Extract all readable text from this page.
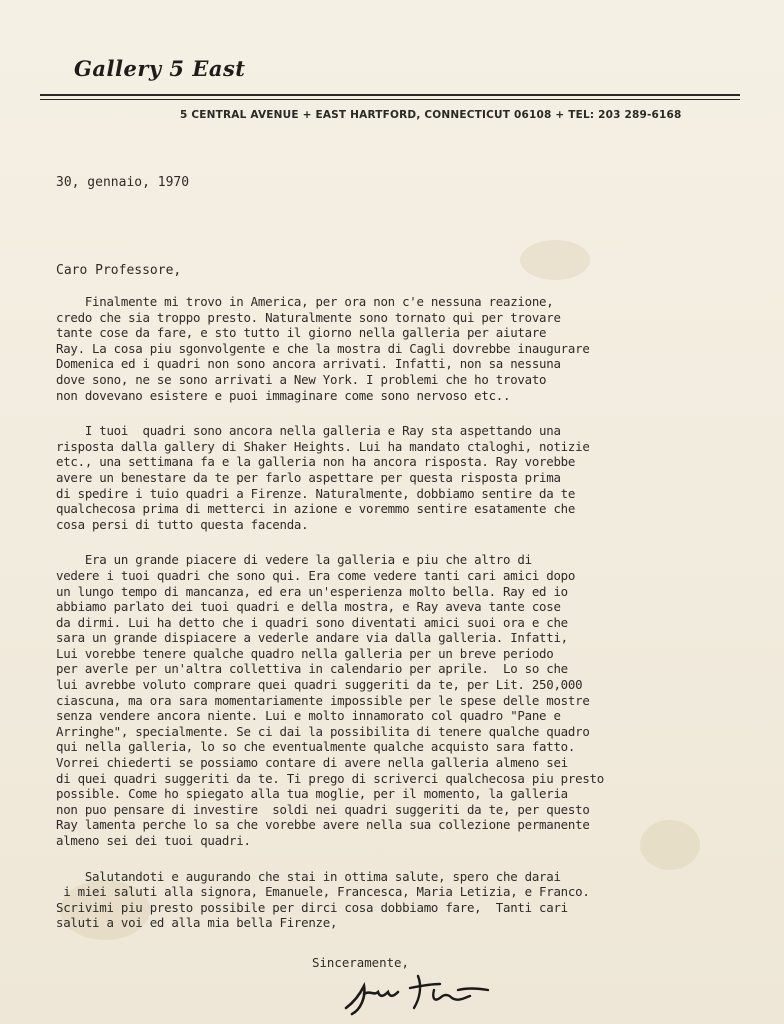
Gallery 5 East
5 CENTRAL AVENUE + EAST HARTFORD, CONNECTICUT 06108 + TEL: 203 289-6168
30, gennaio, 1970
Caro Professore,
Finalmente mi trovo in America, per ora non c'e nessuna reazione,
credo che sia troppo presto. Naturalmente sono tornato qui per trovare
tante cose da fare, e sto tutto il giorno nella galleria per aiutare
Ray. La cosa piu sgonvolgente e che la mostra di Cagli dovrebbe inaugurare
Domenica ed i quadri non sono ancora arrivati. Infatti, non sa nessuna
dove sono, ne se sono arrivati a New York. I problemi che ho trovato
non dovevano esistere e puoi immaginare come sono nervoso etc..
I tuoi  quadri sono ancora nella galleria e Ray sta aspettando una
risposta dalla gallery di Shaker Heights. Lui ha mandato ctaloghi, notizie
etc., una settimana fa e la galleria non ha ancora risposta. Ray vorebbe
avere un benestare da te per farlo aspettare per questa risposta prima
di spedire i tuio quadri a Firenze. Naturalmente, dobbiamo sentire da te
qualchecosa prima di metterci in azione e voremmo sentire esatamente che
cosa persi di tutto questa facenda.
Era un grande piacere di vedere la galleria e piu che altro di
vedere i tuoi quadri che sono qui. Era come vedere tanti cari amici dopo
un lungo tempo di mancanza, ed era un'esperienza molto bella. Ray ed io
abbiamo parlato dei tuoi quadri e della mostra, e Ray aveva tante cose
da dirmi. Lui ha detto che i quadri sono diventati amici suoi ora e che
sara un grande dispiacere a vederle andare via dalla galleria. Infatti,
Lui vorebbe tenere qualche quadro nella galleria per un breve periodo
per averle per un'altra collettiva in calendario per aprile.  Lo so che
lui avrebbe voluto comprare quei quadri suggeriti da te, per Lit. 250,000
ciascuna, ma ora sara momentariamente impossible per le spese delle mostre
senza vendere ancora niente. Lui e molto innamorato col quadro "Pane e
Arringhe", specialmente. Se ci dai la possibilita di tenere qualche quadro
qui nella galleria, lo so che eventualmente qualche acquisto sara fatto.
Vorrei chiederti se possiamo contare di avere nella galleria almeno sei
di quei quadri suggeriti da te. Ti prego di scriverci qualchecosa piu presto
possible. Come ho spiegato alla tua moglie, per il momento, la galleria
non puo pensare di investire  soldi nei quadri suggeriti da te, per questo
Ray lamenta perche lo sa che vorebbe avere nella sua collezione permanente
almeno sei dei tuoi quadri.
Salutandoti e augurando che stai in ottima salute, spero che darai
i miei saluti alla signora, Emanuele, Francesca, Maria Letizia, e Franco.
Scrivimi piu presto possibile per dirci cosa dobbiamo fare,  Tanti cari
saluti a voi ed alla mia bella Firenze,
Sinceramente,
